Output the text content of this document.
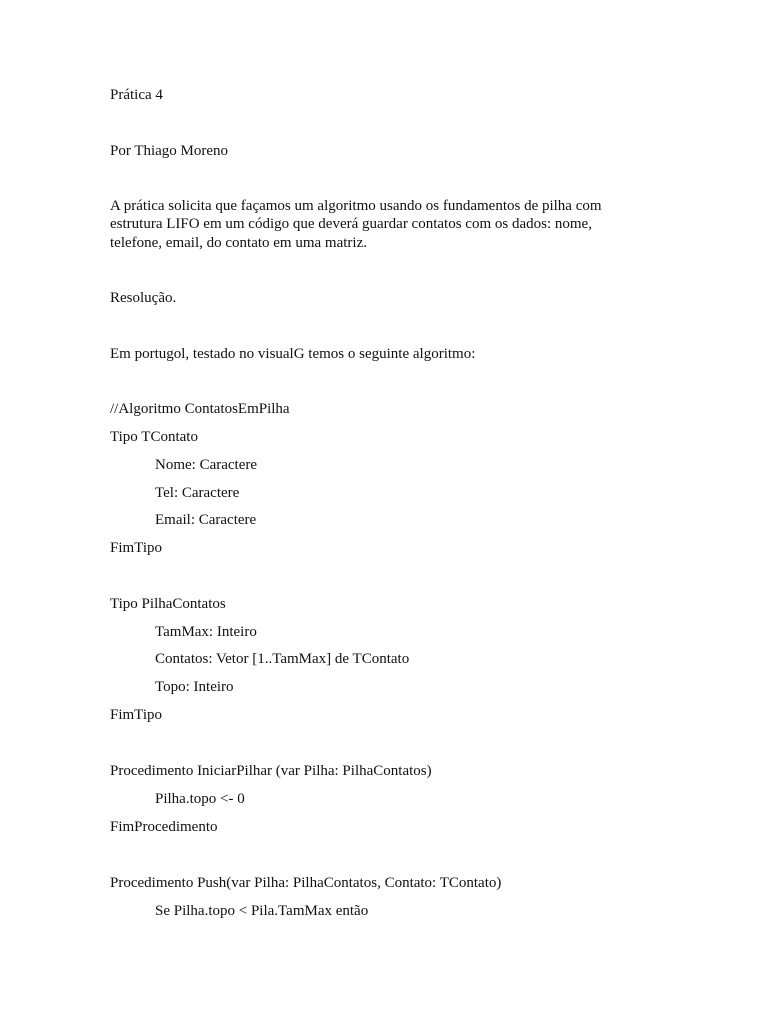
Prática 4

Por Thiago Moreno

A prática solicita que façamos um algoritmo usando os fundamentos de pilha com

estrutura LIFO em um código que deverá guardar contatos com os dados: nome,

telefone, email, do contato em uma matriz.

Resolução.

Em portugol, testado no visualG temos o seguinte algoritmo:

//Algoritmo ContatosEmPilha

Tipo TContato

Nome: Caractere

Tel: Caractere

Email: Caractere

FimTipo

Tipo PilhaContatos

TamMax: Inteiro

Contatos: Vetor [1..TamMax] de TContato

Topo: Inteiro

FimTipo

Procedimento IniciarPilhar (var Pilha: PilhaContatos)

Pilha.topo <- 0

FimProcedimento

Procedimento Push(var Pilha: PilhaContatos, Contato: TContato)

Se Pilha.topo < Pila.TamMax então
